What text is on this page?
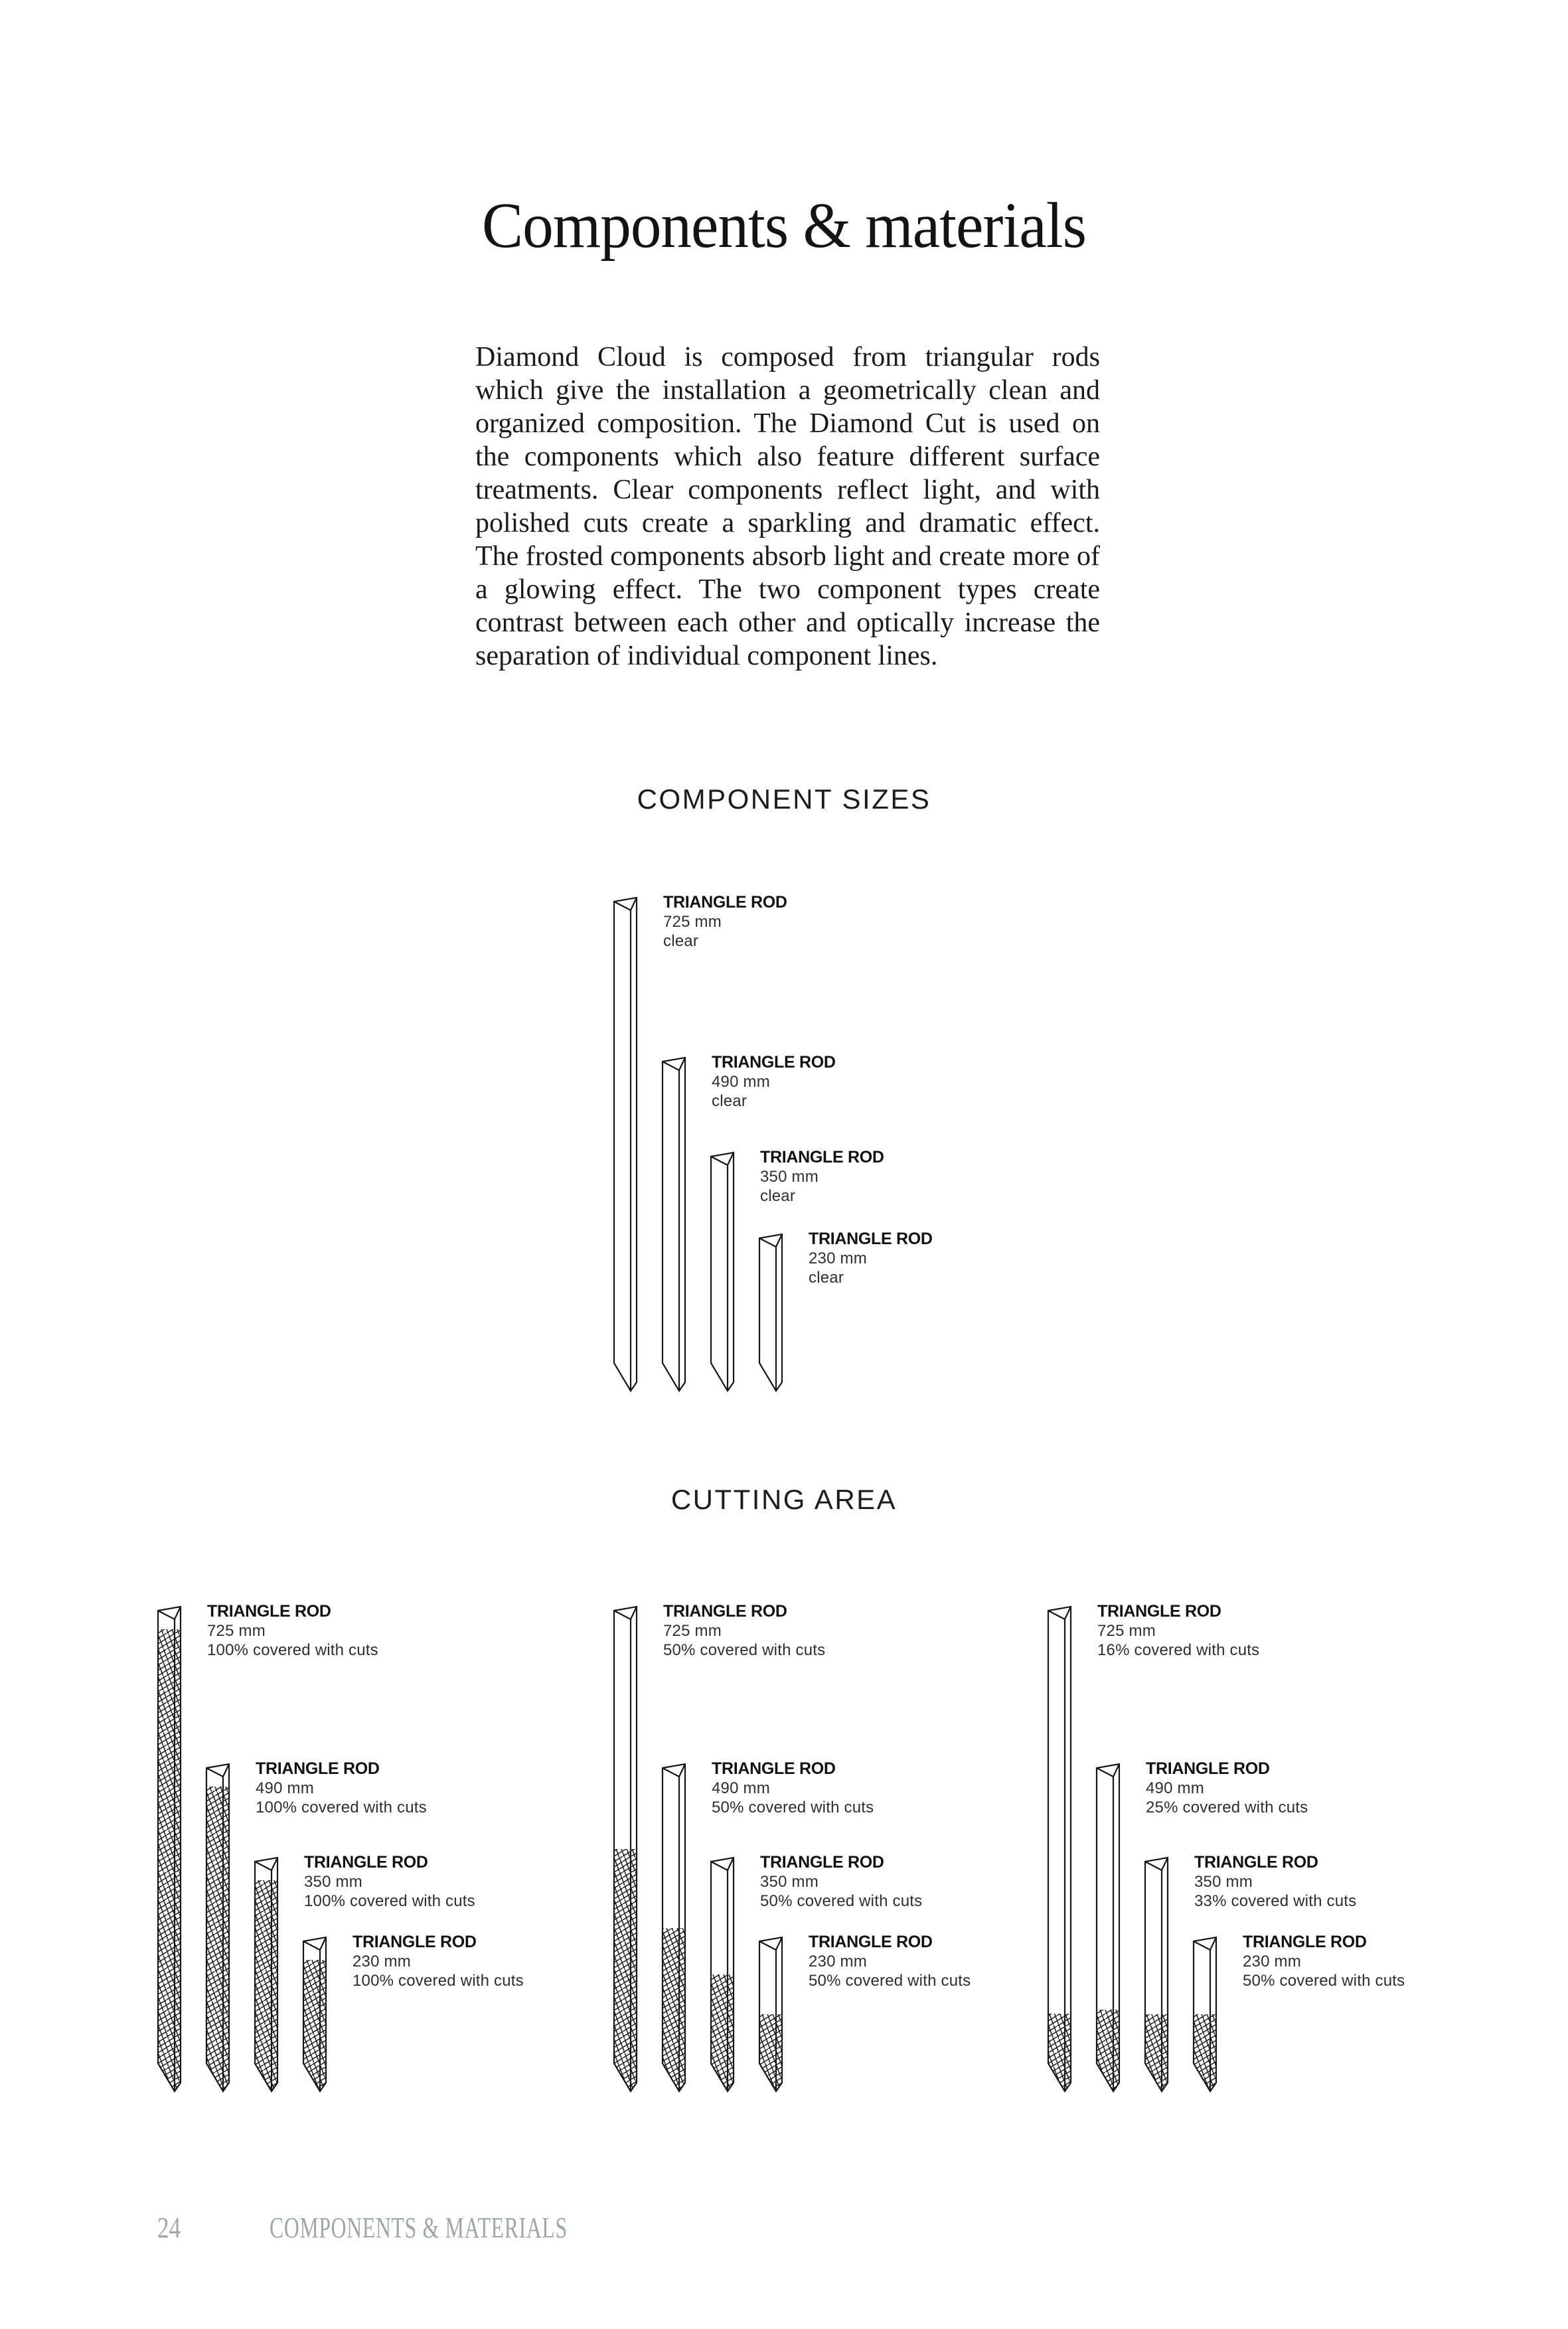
Components & materials

Diamond Cloud is composed from triangular rods which give the installation a geometrically clean and organized composition. The Diamond Cut is used on the components which also feature different surface treatments. Clear components reflect light, and with polished cuts create a sparkling and dramatic effect. The frosted components absorb light and create more of a glowing effect. The two component types create contrast between each other and optically increase the separation of individual component lines.

COMPONENT SIZES
TRIANGLE ROD
725 mm
clear
TRIANGLE ROD
490 mm
clear
TRIANGLE ROD
350 mm
clear
TRIANGLE ROD
230 mm
clear
CUTTING AREA
TRIANGLE ROD
725 mm
100% covered with cuts
TRIANGLE ROD
490 mm
100% covered with cuts
TRIANGLE ROD
350 mm
100% covered with cuts
TRIANGLE ROD
230 mm
100% covered with cuts
TRIANGLE ROD
725 mm
50% covered with cuts
TRIANGLE ROD
490 mm
50% covered with cuts
TRIANGLE ROD
350 mm
50% covered with cuts
TRIANGLE ROD
230 mm
50% covered with cuts
TRIANGLE ROD
725 mm
16% covered with cuts
TRIANGLE ROD
490 mm
25% covered with cuts
TRIANGLE ROD
350 mm
33% covered with cuts
TRIANGLE ROD
230 mm
50% covered with cuts
24	COMPONENTS & MATERIALS
